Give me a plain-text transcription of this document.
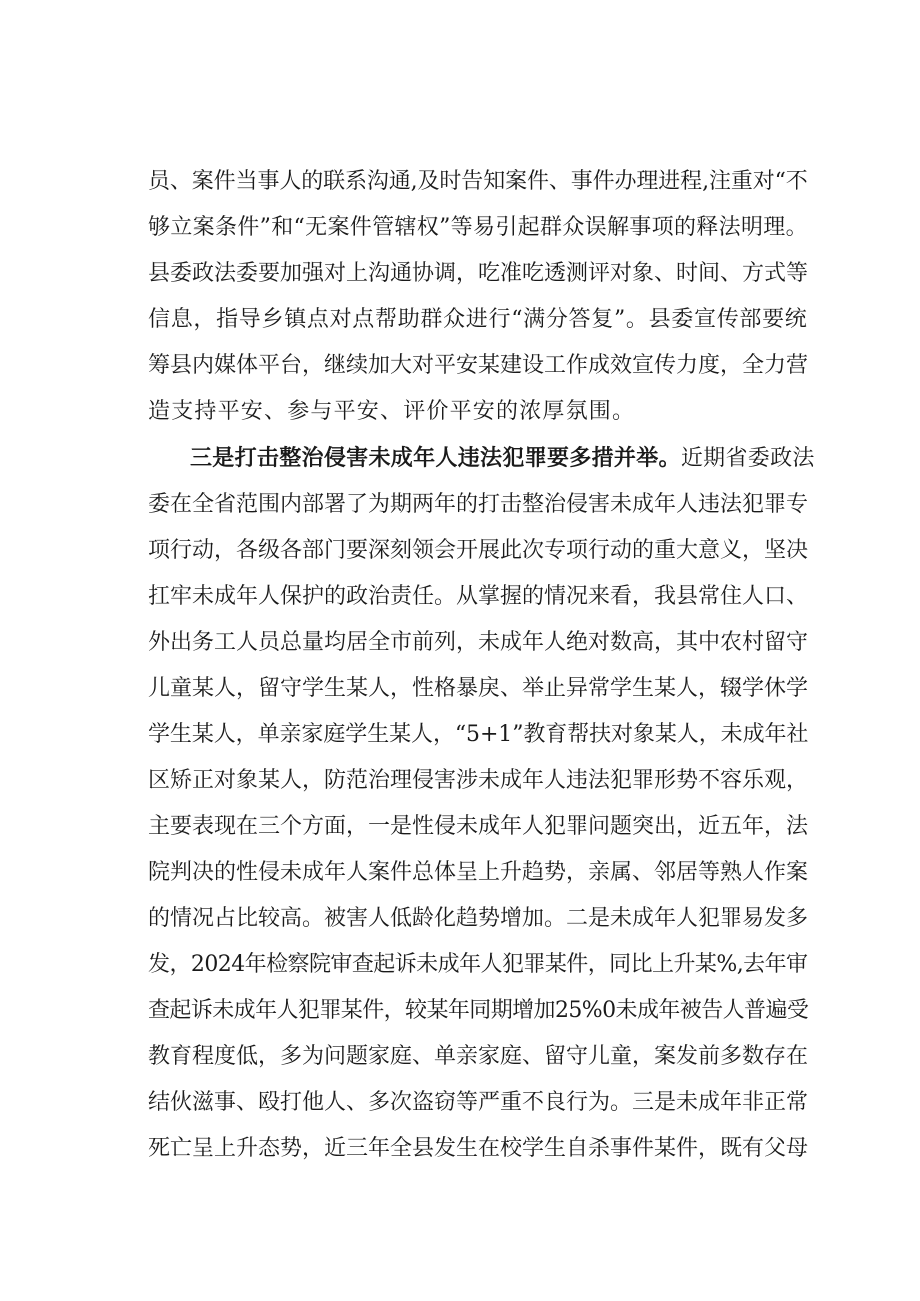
员、案件当事人的联系沟通,及时告知案件、事件办理进程,注重对“不
够立案条件”和“无案件管辖权”等易引起群众误解事项的释法明理。
县委政法委要加强对上沟通协调，吃准吃透测评对象、时间、方式等
信息，指导乡镇点对点帮助群众进行“满分答复”。县委宣传部要统
筹县内媒体平台，继续加大对平安某建设工作成效宣传力度，全力营
造支持平安、参与平安、评价平安的浓厚氛围。
三是打击整治侵害未成年人违法犯罪要多措并举。近期省委政法
委在全省范围内部署了为期两年的打击整治侵害未成年人违法犯罪专
项行动，各级各部门要深刻领会开展此次专项行动的重大意义，坚决
扛牢未成年人保护的政治责任。从掌握的情况来看，我县常住人口、
外出务工人员总量均居全市前列，未成年人绝对数高，其中农村留守
儿童某人，留守学生某人，性格暴戾、举止异常学生某人，辍学休学
学生某人，单亲家庭学生某人，“5+1”教育帮扶对象某人，未成年社
区矫正对象某人，防范治理侵害涉未成年人违法犯罪形势不容乐观，
主要表现在三个方面，一是性侵未成年人犯罪问题突出，近五年，法
院判决的性侵未成年人案件总体呈上升趋势，亲属、邻居等熟人作案
的情况占比较高。被害人低龄化趋势增加。二是未成年人犯罪易发多
发，2024年检察院审查起诉未成年人犯罪某件，同比上升某%,去年审
查起诉未成年人犯罪某件，较某年同期增加25%0未成年被告人普遍受
教育程度低，多为问题家庭、单亲家庭、留守儿童，案发前多数存在
结伙滋事、殴打他人、多次盗窃等严重不良行为。三是未成年非正常
死亡呈上升态势，近三年全县发生在校学生自杀事件某件，既有父母
